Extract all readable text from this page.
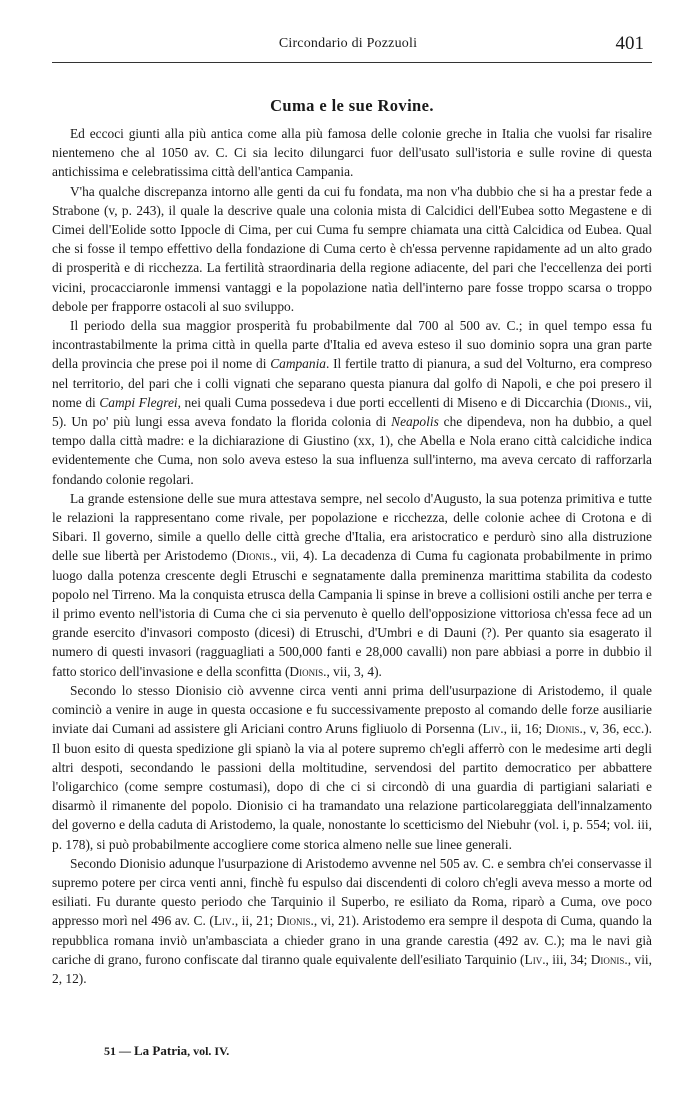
Circondario di Pozzuoli	401
Cuma e le sue Rovine.

Ed eccoci giunti alla più antica come alla più famosa delle colonie greche in Italia che vuolsi far risalire nientemeno che al 1050 av. C. Ci sia lecito dilungarci fuor dell'usato sull'istoria e sulle rovine di questa antichissima e celebratissima città dell'antica Campania.

V'ha qualche discrepanza intorno alle genti da cui fu fondata, ma non v'ha dubbio che si ha a prestar fede a Strabone (v, p. 243), il quale la descrive quale una colonia mista di Calcidici dell'Eubea sotto Megastene e di Cimei dell'Eolide sotto Ippocle di Cima, per cui Cuma fu sempre chiamata una città Calcidica od Eubea. Qual che si fosse il tempo effettivo della fondazione di Cuma certo è ch'essa pervenne rapidamente ad un alto grado di prosperità e di ricchezza. La fertilità straordinaria della regione adiacente, del pari che l'eccellenza dei porti vicini, procacciaronle immensi vantaggi e la popolazione natìa dell'interno pare fosse troppo scarsa o troppo debole per frapporre ostacoli al suo sviluppo.

Il periodo della sua maggior prosperità fu probabilmente dal 700 al 500 av. C.; in quel tempo essa fu incontrastabilmente la prima città in quella parte d'Italia ed aveva esteso il suo dominio sopra una gran parte della provincia che prese poi il nome di Campania. Il fertile tratto di pianura, a sud del Volturno, era compreso nel territorio, del pari che i colli vignati che separano questa pianura dal golfo di Napoli, e che poi presero il nome di Campi Flegrei, nei quali Cuma possedeva i due porti eccellenti di Miseno e di Diccarchia (Dionis., vii, 5). Un po' più lungi essa aveva fondato la florida colonia di Neapolis che dipendeva, non ha dubbio, a quel tempo dalla città madre: e la dichiarazione di Giustino (xx, 1), che Abella e Nola erano città calcidiche indica evidentemente che Cuma, non solo aveva esteso la sua influenza sull'interno, ma aveva cercato di rafforzarla fondando colonie regolari.

La grande estensione delle sue mura attestava sempre, nel secolo d'Augusto, la sua potenza primitiva e tutte le relazioni la rappresentano come rivale, per popolazione e ricchezza, delle colonie achee di Crotona e di Sibari. Il governo, simile a quello delle città greche d'Italia, era aristocratico e perdurò sino alla distruzione delle sue libertà per Aristodemo (Dionis., vii, 4). La decadenza di Cuma fu cagionata probabilmente in primo luogo dalla potenza crescente degli Etruschi e segnatamente dalla preminenza marittima stabilita da codesto popolo nel Tirreno. Ma la conquista etrusca della Campania li spinse in breve a collisioni ostili anche per terra e il primo evento nell'istoria di Cuma che ci sia pervenuto è quello dell'opposizione vittoriosa ch'essa fece ad un grande esercito d'invasori composto (dicesi) di Etruschi, d'Umbri e di Dauni (?). Per quanto sia esagerato il numero di questi invasori (ragguagliati a 500,000 fanti e 28,000 cavalli) non pare abbiasi a porre in dubbio il fatto storico dell'invasione e della sconfitta (Dionis., vii, 3, 4).

Secondo lo stesso Dionisio ciò avvenne circa venti anni prima dell'usurpazione di Aristodemo, il quale cominciò a venire in auge in questa occasione e fu successivamente preposto al comando delle forze ausiliarie inviate dai Cumani ad assistere gli Ariciani contro Aruns figliuolo di Porsenna (Liv., ii, 16; Dionis., v, 36, ecc.). Il buon esito di questa spedizione gli spianò la via al potere supremo ch'egli afferrò con le medesime arti degli altri despoti, secondando le passioni della moltitudine, servendosi del partito democratico per abbattere l'oligarchico (come sempre costumasi), dopo di che ci si circondò di una guardia di partigiani salariati e disarmò il rimanente del popolo. Dionisio ci ha tramandato una relazione particolareggiata dell'innalzamento del governo e della caduta di Aristodemo, la quale, nonostante lo scetticismo del Niebuhr (vol. i, p. 554; vol. iii, p. 178), si può probabilmente accogliere come storica almeno nelle sue linee generali.

Secondo Dionisio adunque l'usurpazione di Aristodemo avvenne nel 505 av. C. e sembra ch'ei conservasse il supremo potere per circa venti anni, finchè fu espulso dai discendenti di coloro ch'egli aveva messo a morte od esiliati. Fu durante questo periodo che Tarquinio il Superbo, re esiliato da Roma, riparò a Cuma, ove poco appresso morì nel 496 av. C. (Liv., ii, 21; Dionis., vi, 21). Aristodemo era sempre il despota di Cuma, quando la repubblica romana inviò un'ambasciata a chieder grano in una grande carestia (492 av. C.); ma le navi già cariche di grano, furono confiscate dal tiranno quale equivalente dell'esiliato Tarquinio (Liv., iii, 34; Dionis., vii, 2, 12).

51 — La Patria, vol. IV.
